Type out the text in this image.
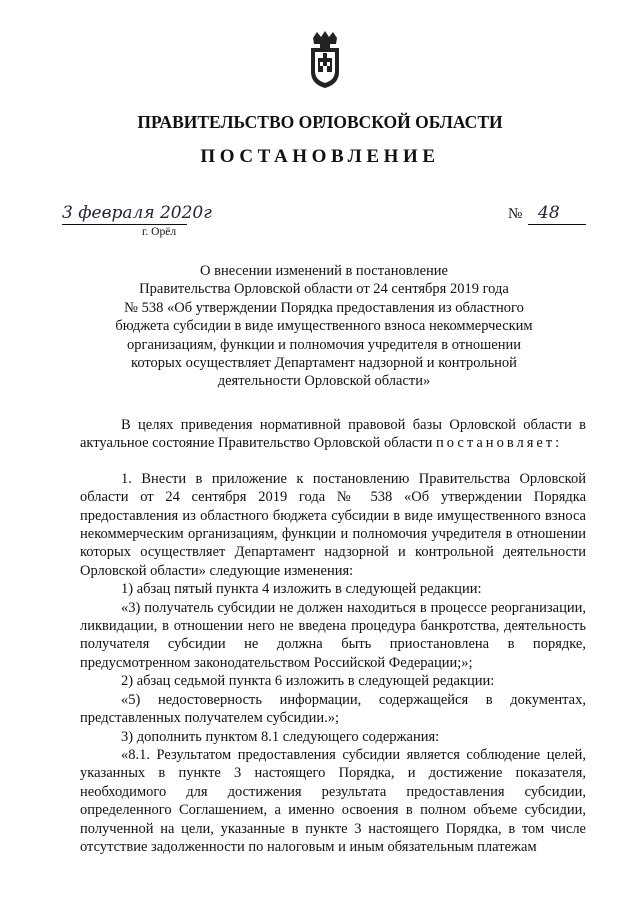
ПРАВИТЕЛЬСТВО ОРЛОВСКОЙ ОБЛАСТИ
ПОСТАНОВЛЕНИЕ
3 февраля 2020г
г. Орёл
№ 48
О внесении изменений в постановление
Правительства Орловской области от 24 сентября 2019 года
№ 538 «Об утверждении Порядка предоставления из областного
бюджета субсидии в виде имущественного взноса некоммерческим
организациям, функции и полномочия учредителя в отношении
которых осуществляет Департамент надзорной и контрольной
деятельности Орловской области»

В целях приведения нормативной правовой базы Орловской области в актуальное состояние Правительство Орловской области постановляет:

1. Внести в приложение к постановлению Правительства Орловской области от 24 сентября 2019 года № 538 «Об утверждении Порядка предоставления из областного бюджета субсидии в виде имущественного взноса некоммерческим организациям, функции и полномочия учредителя в отношении которых осуществляет Департамент надзорной и контрольной деятельности Орловской области» следующие изменения:

1) абзац пятый пункта 4 изложить в следующей редакции:

«3) получатель субсидии не должен находиться в процессе реорганизации, ликвидации, в отношении него не введена процедура банкротства, деятельность получателя субсидии не должна быть приостановлена в порядке, предусмотренном законодательством Российской Федерации;»;

2) абзац седьмой пункта 6 изложить в следующей редакции:

«5) недостоверность информации, содержащейся в документах, представленных получателем субсидии.»;

3) дополнить пунктом 8.1 следующего содержания:

«8.1. Результатом предоставления субсидии является соблюдение целей, указанных в пункте 3 настоящего Порядка, и достижение показателя, необходимого для достижения результата предоставления субсидии, определенного Соглашением, а именно освоения в полном объеме субсидии, полученной на цели, указанные в пункте 3 настоящего Порядка, в том числе отсутствие задолженности по налоговым и иным обязательным платежам
